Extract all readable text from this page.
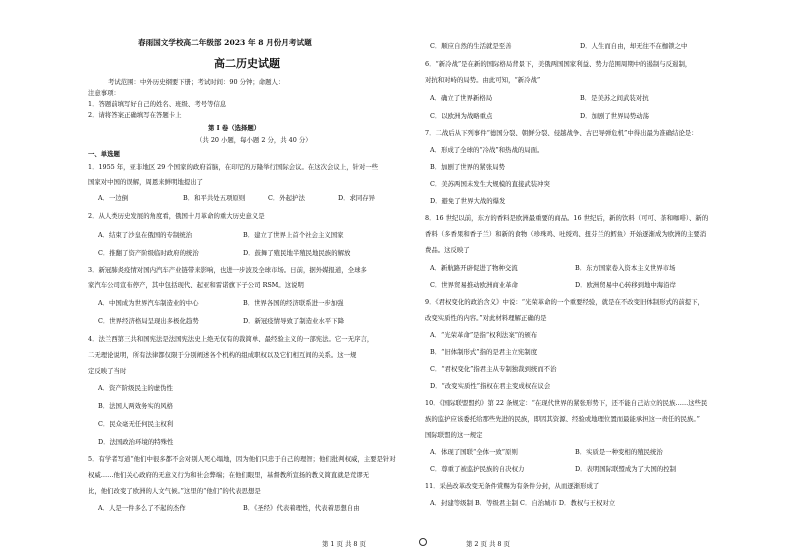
春雨国文学校高二年级部 2023 年 8 月份月考试题
高二历史试题
考试范围：中外历史纲要下册；考试时间：90 分钟；命题人：
注意事项：
1．答题前填写好自己的姓名、班级、考号等信息
2．请将答案正确填写在答题卡上
第 I 卷（选择题）
（共 20 小题，每小题 2 分，共 40 分）
一、单选题
1．1955 年，亚非地区 29 个国家的政府首脑，在印尼的万隆举行国际会议。在这次会议上，针对一些
国家对中国的误解，周恩来鲜明地提出了
A．一边倒	B．和平共处五项原则	C．外起护法	D．求同存异
2．从人类历史发展的角度看，俄国十月革命的重大历史意义是
A．结束了沙皇在俄国的专制统治	B．建立了世界上首个社会主义国家
C．推翻了资产阶级临时政府的统治	D．鼓舞了殖民地半殖民地民族的解放
3．新冠肺炎疫情对国内汽车产业链带来影响，也进一步波及全球市场。日前，据外媒报道，全球多
家汽车公司宣布停产，其中包括现代、起亚和雷诺旗下子公司 RSM。这说明
A．中国成为世界汽车制造业的中心	B．世界各国的经济联系进一步加强
C．世界经济格局呈现出多极化趋势	D．新冠疫情导致了制造业水平下降
4．法兰西第三共和国宪法是法国宪法史上绝无仅有的裁简单、最经验主义的一部宪法。它一无序言，
二无理论说明，所有法律都仅限于分别阐述各个机构的组成职权以及它们相互间的关系。这一规
定反映了当时
A．资产阶级民主的虚伪性
B．法国人两效务实的风格
C．民众毫无任何民主权利
D．法国政治环境的特殊性
5．有学者写道“他们中很多都不会对别人死心塌地，因为他们只忠于自己的理智；他们批判权威，主要是针对
权威……他们关心政府的无意义行为和社会弊端；在他们眼里，基督教所宣扬的教义简直就是荒谬无
比，他们改变了欧洲的人文气候。”这里的“他们”的代表思想是
A．人是一件多么了不起的杰作	B．《圣经》代表着理性，代表着思想自由
C．顺应自然的生活就是至善	D．人生而自由，却无往不在枷锁之中
6．“新冷战”是在新的国际格局背景下，美俄两国国家利益、势力范围周期中的遏制与反遏制，
对抗和对峙的局势。由此可知，“新冷战”
A．确立了世界新格局	B．是美苏之间武装对抗
C．以欧洲为战略重点	D．加剧了世界局势动荡
7．二战后从下列事件“德国分裂、朝鲜分裂、侵越战争、古巴导弹危机”中得出最为准确结论是：
A．形成了全球的“冷战”和热战的局面。
B．加剧了世界的紧张局势
C．美苏两国未发生大规模的直接武装冲突
D．避免了世界大战的爆发
8．16 世纪以前，东方的香料是欧洲最重要的商品。16 世纪后，新的饮料（可可、茶和咖啡）、新的
香料（多香果和香子兰）和新的食物（珍珠鸡、吐绶鸡、扭芬兰的鳕鱼）开始逐渐成为欧洲的主要消
费品。这反映了
A．新航路开辟促进了物种交流	B．东方国家卷入资本主义世界市场
C．世界贸易推动欧洲商业革命	D．欧洲贸易中心转移到地中海沿岸
9．《君权变化的政治含义》中说：“光荣革命的一个重要经验，就是在不改变旧体制形式的前提下，
改变实质性的内容。”对此材料理解正确的是
A．“光荣革命”是指“权利法案”的颁布
B．“旧体制形式”指的是君主立宪制度
C．“君权变化”指君主从专制独裁到统而不治
D．“改变实质性”指权在君主变成权在议会
10．《国际联盟盟约》第 22 条规定：“在现代世界的紧张形势下，还不能自己站立的民族……这些民
族的监护应该委托给那些先进的民族，即因其资源、经验或地理位置而最能承担这一责任的民族。”
国际联盟的这一规定
A．体现了国联“全体一致”原则	B．实质是一种变相的殖民统治
C．尊重了被监护民族的自决权力	D．表明国际联盟成为了大国的控制
11．采邑改革改变无条件赏赐为有条件分封，从而逐渐形成了
A．封建等级制 B．等级君主制 C．自治城市 D．教权与王权对立
第 1 页 共 8 页	第 2 页 共 8 页
